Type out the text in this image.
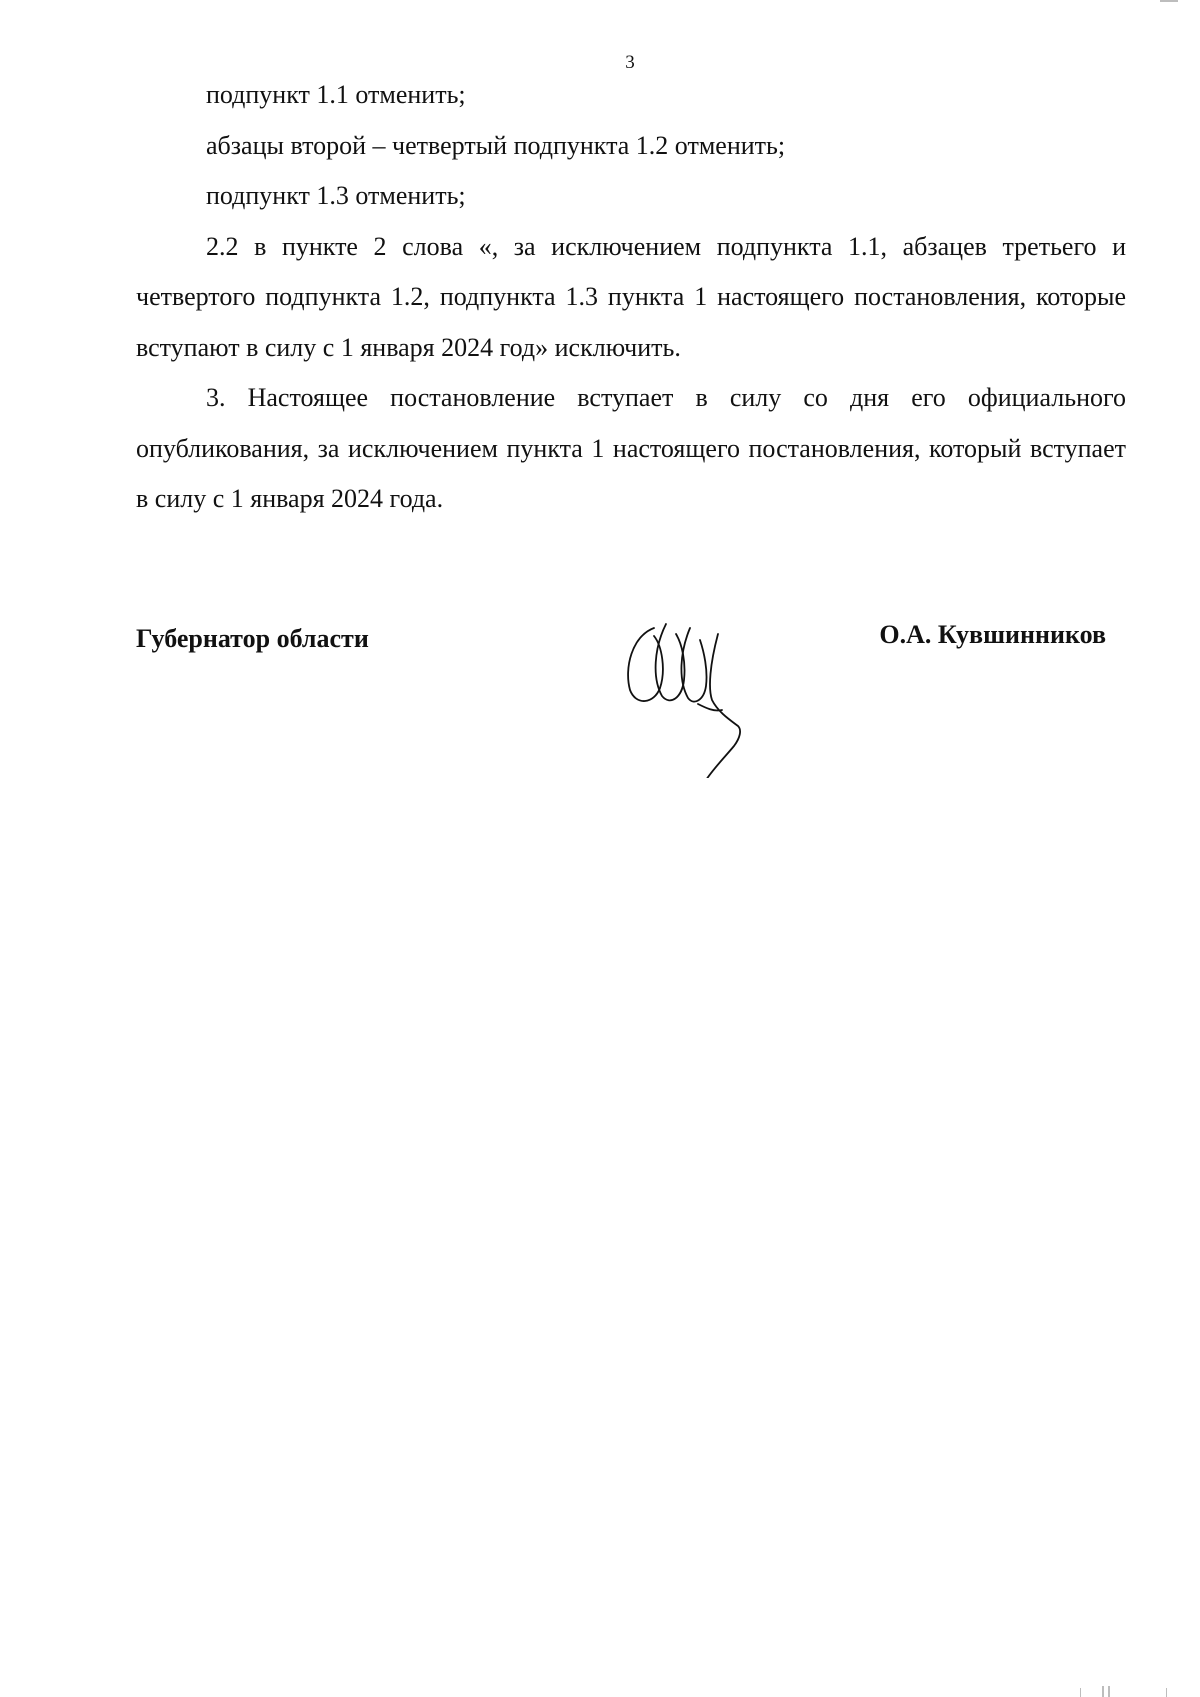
3

подпункт 1.1 отменить;

абзацы второй – четвертый подпункта 1.2 отменить;

подпункт 1.3 отменить;

2.2 в пункте 2 слова «, за исключением подпункта 1.1, абзацев третьего и четвертого подпункта 1.2, подпункта 1.3 пункта 1 настоящего постановления, которые вступают в силу с 1 января 2024 год» исключить.

3. Настоящее постановление вступает в силу со дня его официального опубликования, за исключением пункта 1 настоящего постановления, который вступает в силу с 1 января 2024 года.

Губернатор области	О.А. Кувшинников
